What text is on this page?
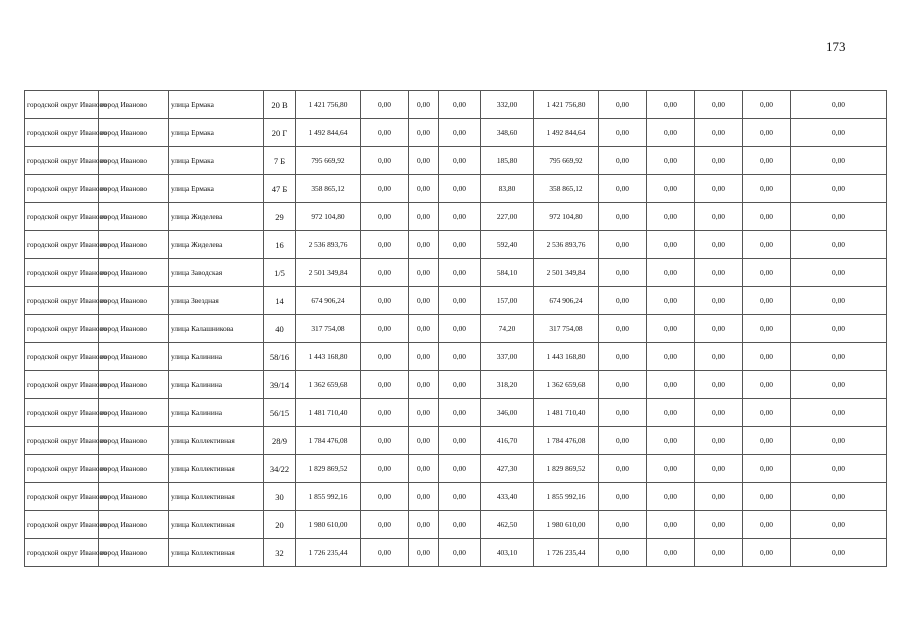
173
городской округ Иваново	город Иваново	улица Ермака	20 В	1 421 756,80	0,00	0,00	0,00	332,00	1 421 756,80	0,00	0,00	0,00	0,00	0,00
городской округ Иваново	город Иваново	улица Ермака	20 Г	1 492 844,64	0,00	0,00	0,00	348,60	1 492 844,64	0,00	0,00	0,00	0,00	0,00
городской округ Иваново	город Иваново	улица Ермака	7 Б	795 669,92	0,00	0,00	0,00	185,80	795 669,92	0,00	0,00	0,00	0,00	0,00
городской округ Иваново	город Иваново	улица Ермака	47 Б	358 865,12	0,00	0,00	0,00	83,80	358 865,12	0,00	0,00	0,00	0,00	0,00
городской округ Иваново	город Иваново	улица Жиделева	29	972 104,80	0,00	0,00	0,00	227,00	972 104,80	0,00	0,00	0,00	0,00	0,00
городской округ Иваново	город Иваново	улица Жиделева	16	2 536 893,76	0,00	0,00	0,00	592,40	2 536 893,76	0,00	0,00	0,00	0,00	0,00
городской округ Иваново	город Иваново	улица Заводская	1/5	2 501 349,84	0,00	0,00	0,00	584,10	2 501 349,84	0,00	0,00	0,00	0,00	0,00
городской округ Иваново	город Иваново	улица Звездная	14	674 906,24	0,00	0,00	0,00	157,00	674 906,24	0,00	0,00	0,00	0,00	0,00
городской округ Иваново	город Иваново	улица Калашникова	40	317 754,08	0,00	0,00	0,00	74,20	317 754,08	0,00	0,00	0,00	0,00	0,00
городской округ Иваново	город Иваново	улица Калинина	58/16	1 443 168,80	0,00	0,00	0,00	337,00	1 443 168,80	0,00	0,00	0,00	0,00	0,00
городской округ Иваново	город Иваново	улица Калинина	39/14	1 362 659,68	0,00	0,00	0,00	318,20	1 362 659,68	0,00	0,00	0,00	0,00	0,00
городской округ Иваново	город Иваново	улица Калинина	56/15	1 481 710,40	0,00	0,00	0,00	346,00	1 481 710,40	0,00	0,00	0,00	0,00	0,00
городской округ Иваново	город Иваново	улица Коллективная	28/9	1 784 476,08	0,00	0,00	0,00	416,70	1 784 476,08	0,00	0,00	0,00	0,00	0,00
городской округ Иваново	город Иваново	улица Коллективная	34/22	1 829 869,52	0,00	0,00	0,00	427,30	1 829 869,52	0,00	0,00	0,00	0,00	0,00
городской округ Иваново	город Иваново	улица Коллективная	30	1 855 992,16	0,00	0,00	0,00	433,40	1 855 992,16	0,00	0,00	0,00	0,00	0,00
городской округ Иваново	город Иваново	улица Коллективная	20	1 980 610,00	0,00	0,00	0,00	462,50	1 980 610,00	0,00	0,00	0,00	0,00	0,00
городской округ Иваново	город Иваново	улица Коллективная	32	1 726 235,44	0,00	0,00	0,00	403,10	1 726 235,44	0,00	0,00	0,00	0,00	0,00
